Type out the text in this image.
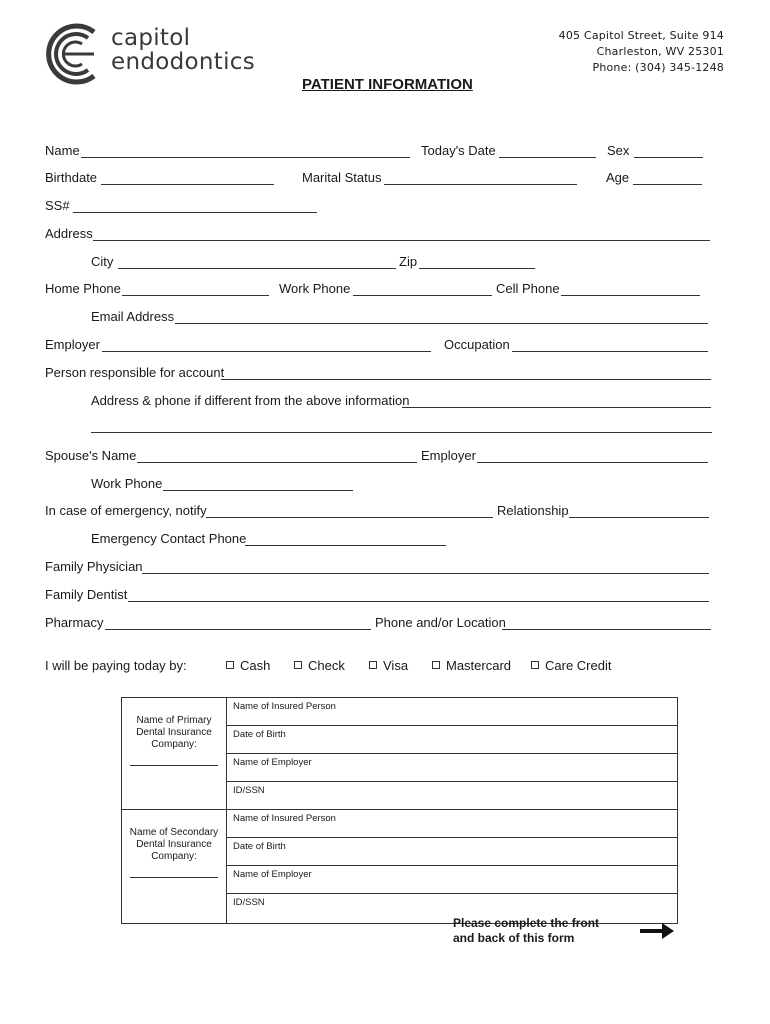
capitol
endodontics
405 Capitol Street, Suite 914
Charleston, WV 25301
Phone: (304) 345-1248
PATIENT INFORMATION
Name	Today's Date	Sex
Birthdate	Marital Status	Age
SS#
Address
City	Zip
Home Phone	Work Phone	Cell Phone
Email Address
Employer	Occupation
Person responsible for account
Address & phone if different from the above information
Spouse's Name	Employer
Work Phone
In case of emergency, notify	Relationship
Emergency Contact Phone
Family Physician
Family Dentist
Pharmacy	Phone and/or Location
I will be paying today by:	Cash	Check	Visa	Mastercard	Care Credit
Name of Primary Dental Insurance Company:	Name of Insured Person
	Date of Birth
	Name of Employer
	ID/SSN
Name of Secondary Dental Insurance Company:	Name of Insured Person
	Date of Birth
	Name of Employer
	ID/SSN
Please complete the front
and back of this form
